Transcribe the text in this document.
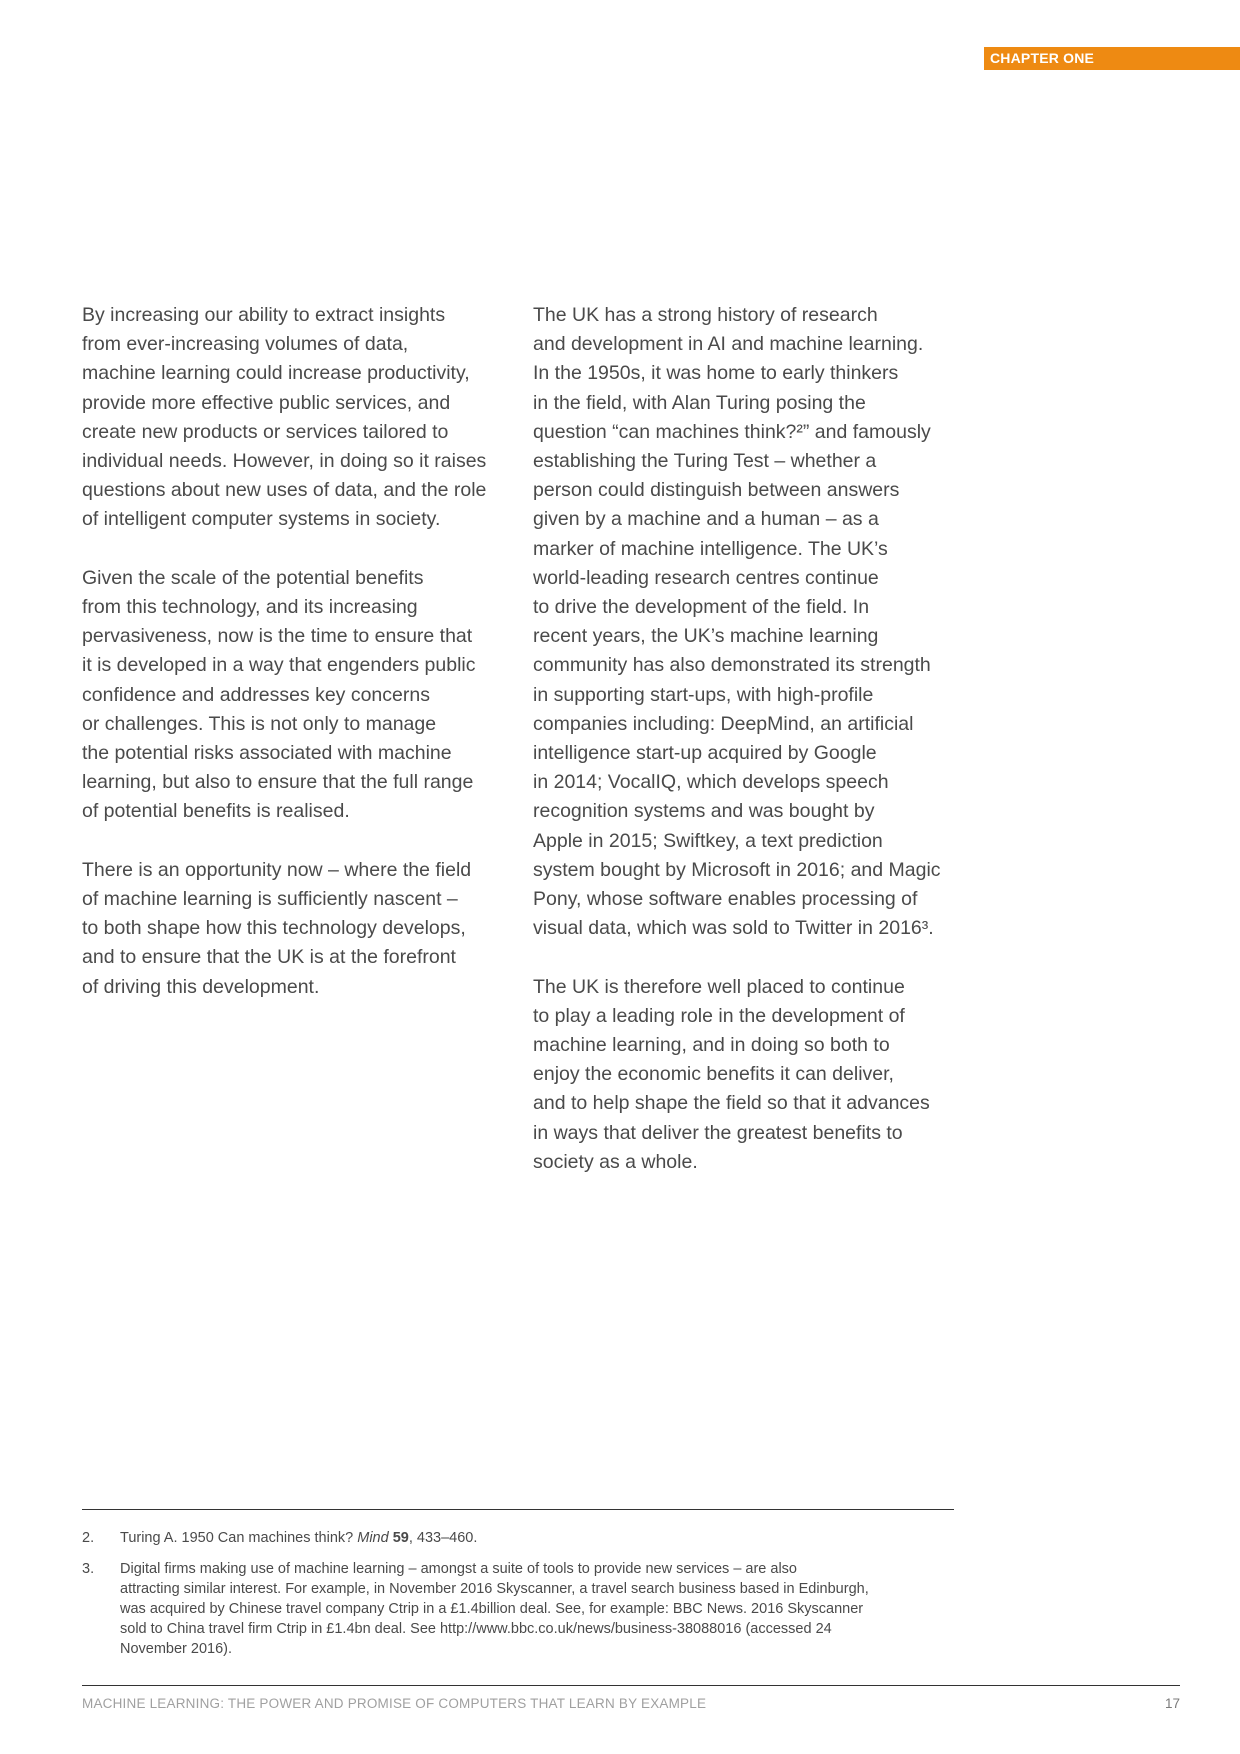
CHAPTER ONE

By increasing our ability to extract insights
from ever-increasing volumes of data,
machine learning could increase productivity,
provide more effective public services, and
create new products or services tailored to
individual needs. However, in doing so it raises
questions about new uses of data, and the role
of intelligent computer systems in society.

Given the scale of the potential benefits
from this technology, and its increasing
pervasiveness, now is the time to ensure that
it is developed in a way that engenders public
confidence and addresses key concerns
or challenges. This is not only to manage
the potential risks associated with machine
learning, but also to ensure that the full range
of potential benefits is realised.

There is an opportunity now – where the field
of machine learning is sufficiently nascent –
to both shape how this technology develops,
and to ensure that the UK is at the forefront
of driving this development.

The UK has a strong history of research
and development in AI and machine learning.
In the 1950s, it was home to early thinkers
in the field, with Alan Turing posing the
question “can machines think?²” and famously
establishing the Turing Test – whether a
person could distinguish between answers
given by a machine and a human – as a
marker of machine intelligence. The UK’s
world-leading research centres continue
to drive the development of the field. In
recent years, the UK’s machine learning
community has also demonstrated its strength
in supporting start-ups, with high-profile
companies including: DeepMind, an artificial
intelligence start-up acquired by Google
in 2014; VocalIQ, which develops speech
recognition systems and was bought by
Apple in 2015; Swiftkey, a text prediction
system bought by Microsoft in 2016; and Magic
Pony, whose software enables processing of
visual data, which was sold to Twitter in 2016³.

The UK is therefore well placed to continue
to play a leading role in the development of
machine learning, and in doing so both to
enjoy the economic benefits it can deliver,
and to help shape the field so that it advances
in ways that deliver the greatest benefits to
society as a whole.

2. Turing A. 1950 Can machines think? Mind 59, 433–460.
3. Digital firms making use of machine learning – amongst a suite of tools to provide new services – are also
attracting similar interest. For example, in November 2016 Skyscanner, a travel search business based in Edinburgh,
was acquired by Chinese travel company Ctrip in a £1.4billion deal. See, for example: BBC News. 2016 Skyscanner
sold to China travel firm Ctrip in £1.4bn deal. See http://www.bbc.co.uk/news/business-38088016 (accessed 24
November 2016).
MACHINE LEARNING: THE POWER AND PROMISE OF COMPUTERS THAT LEARN BY EXAMPLE	17
